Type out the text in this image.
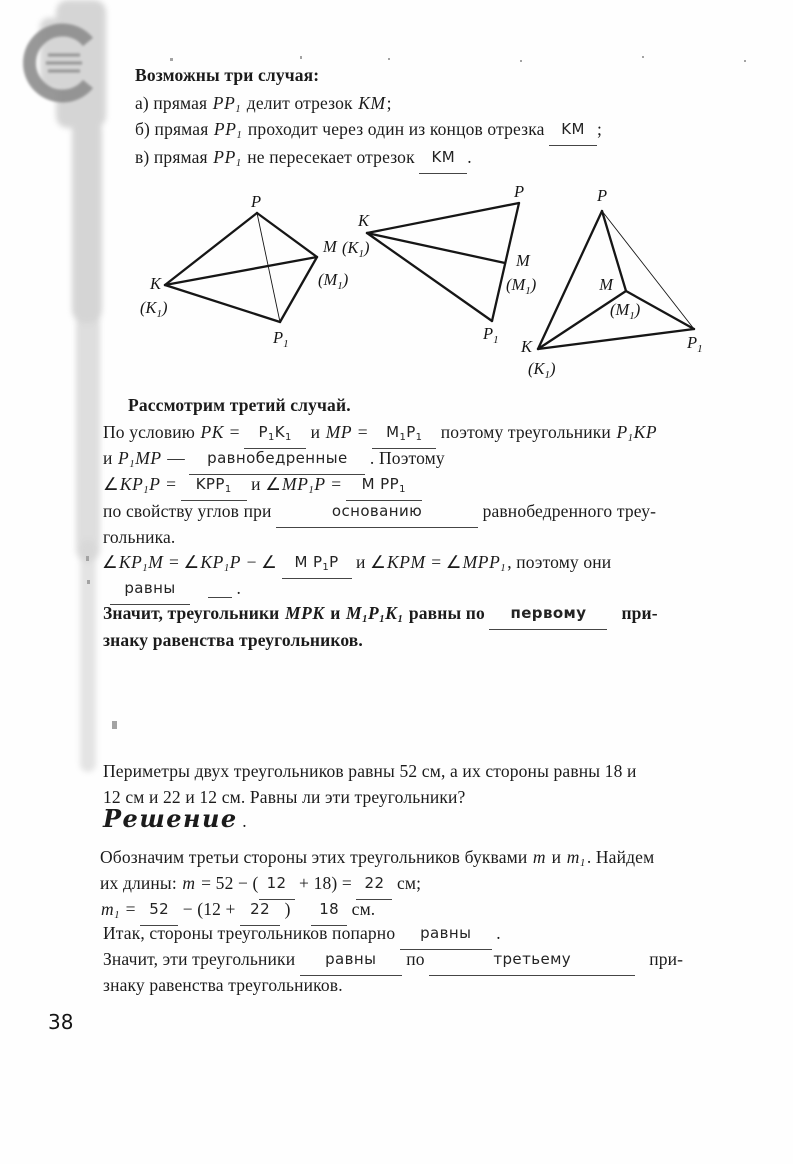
P
M
$(M_1)$
K
$(K_1)$
$P_1$
K
$(K_1)$
P
M
$(M_1)$
$P_1$
P
K
$(K_1)$
M
$(M_1)$
$P_1$
Возможны три случая:
а) прямая $PP_1$ делит отрезок KM;
б) прямая $PP_1$ проходит через один из концов отрезка KM ;
в) прямая $PP_1$ не пересекает отрезок KM .
Рассмотрим третий случай.
По условию PK = $P_1K_1$ и MP = $M_1P_1$ поэтому треугольники $P_1KP$
и $P_1MP$ — равнобедренные . Поэтому
$\angle KP_1P = KPP_1$ и $\angle MP_1P = M$ $PP_1$
по свойству углов при	основанию	равнобедренного треу-
гольника.
$\angle KP_1M$ = $\angle KP_1P$ − ∠ M $P_1P$ и ∠KPM = $\angle MPP_1$, поэтому они
равны	.
Значит, треугольники MPK и $M_1P_1K_1$ равны по первому при-
знаку равенства треугольников.
Периметры двух треугольников равны 52 см, а их стороны равны 18 и
12 см и 22 и 12 см. Равны ли эти треугольники?
Решение .
Обозначим третьи стороны этих треугольников буквами m и $m_1$. Найдем
их длины: m = 52 − ( 12 + 18) = 22 см;
$m_1 = 52 - (12 + 22$ ) 18 см.
Итак, стороны треугольников попарно равны .
Значит, эти треугольники равны по	третьему	при-
знаку равенства треугольников.
38
